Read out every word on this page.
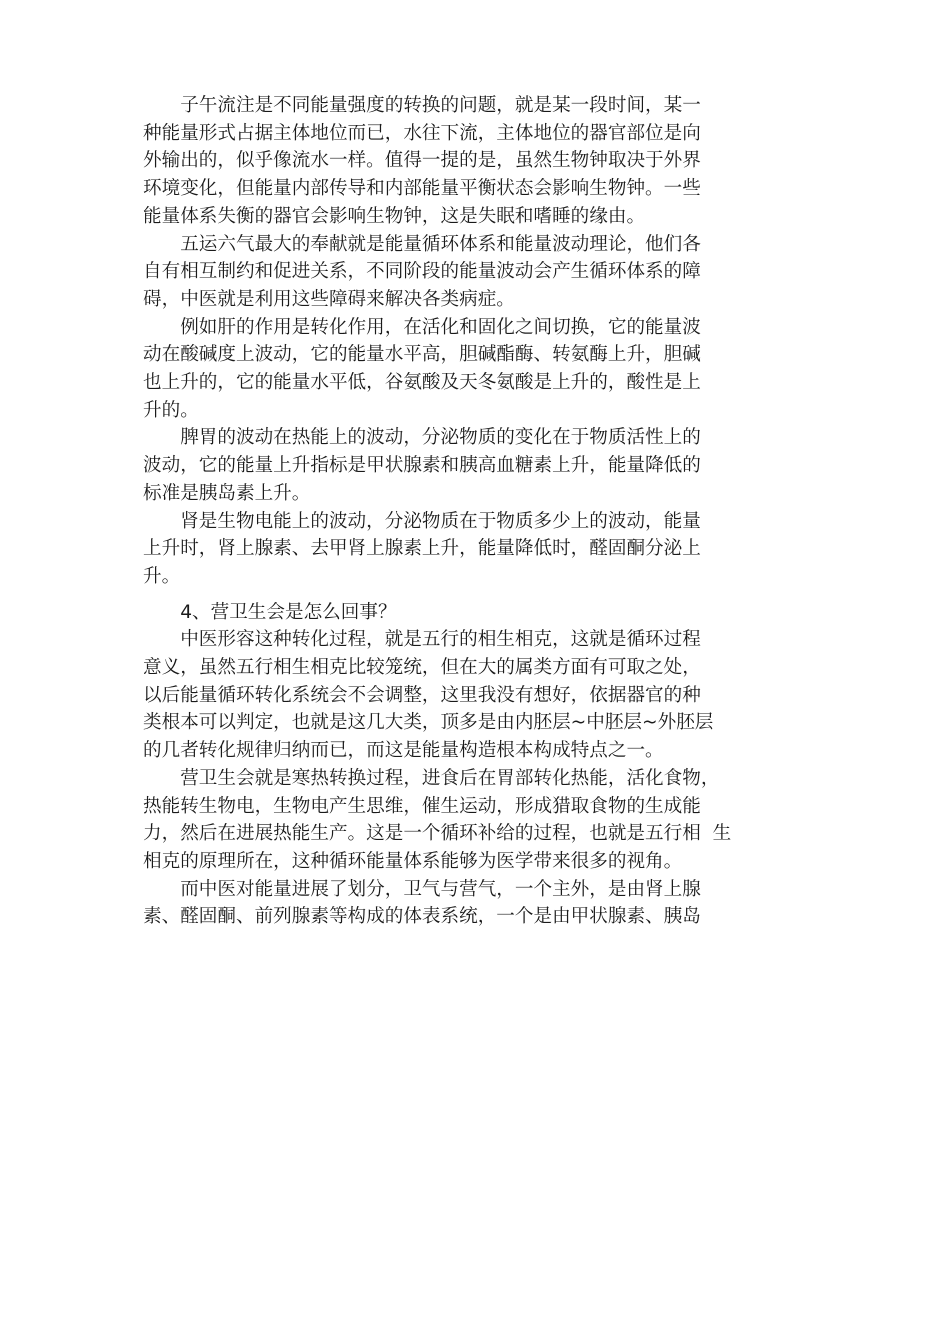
　　子午流注是不同能量强度的转换的问题，就是某一段时间，某一
种能量形式占据主体地位而已，水往下流，主体地位的器官部位是向
外输出的，似乎像流水一样。值得一提的是，虽然生物钟取决于外界
环境变化，但能量内部传导和内部能量平衡状态会影响生物钟。一些
能量体系失衡的器官会影响生物钟，这是失眠和嗜睡的缘由。

　　五运六气最大的奉献就是能量循环体系和能量波动理论，他们各
自有相互制约和促进关系，不同阶段的能量波动会产生循环体系的障
碍，中医就是利用这些障碍来解决各类病症。

　　例如肝的作用是转化作用，在活化和固化之间切换，它的能量波
动在酸碱度上波动，它的能量水平高，胆碱酯酶、转氨酶上升，胆碱
也上升的，它的能量水平低，谷氨酸及天冬氨酸是上升的，酸性是上
升的。

　　脾胃的波动在热能上的波动，分泌物质的变化在于物质活性上的
波动，它的能量上升指标是甲状腺素和胰高血糖素上升，能量降低的
标准是胰岛素上升。

　　肾是生物电能上的波动，分泌物质在于物质多少上的波动，能量
上升时，肾上腺素、去甲肾上腺素上升，能量降低时，醛固酮分泌上
升。

　　4、营卫生会是怎么回事？

　　中医形容这种转化过程，就是五行的相生相克，这就是循环过程
意义，虽然五行相生相克比较笼统，但在大的属类方面有可取之处，
以后能量循环转化系统会不会调整，这里我没有想好，依据器官的种
类根本可以判定，也就是这几大类，顶多是由内胚层~中胚层~外胚层
的几者转化规律归纳而已，而这是能量构造根本构成特点之一。

　　营卫生会就是寒热转换过程，进食后在胃部转化热能，活化食物，
热能转生物电，生物电产生思维，催生运动，形成猎取食物的生成能
力，然后在进展热能生产。这是一个循环补给的过程，也就是五行相  生
相克的原理所在，这种循环能量体系能够为医学带来很多的视角。

　　而中医对能量进展了划分，卫气与营气，一个主外，是由肾上腺
素、醛固酮、前列腺素等构成的体表系统，一个是由甲状腺素、胰岛
